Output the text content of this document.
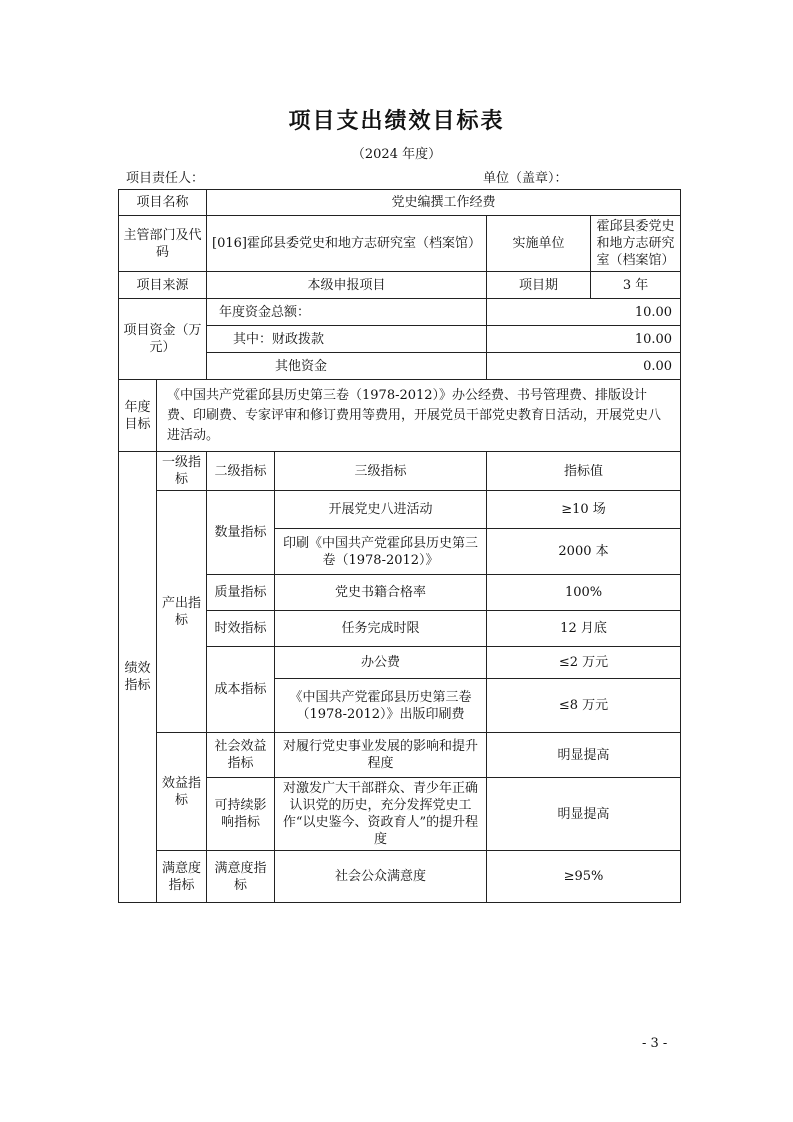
项目支出绩效目标表
（2024 年度）
项目责任人：	单位（盖章）：
项目名称		党史编撰工作经费			
主管部门及代码		[016]霍邱县委党史和地方志研究室（档案馆）		实施单位	霍邱县委党史和地方志研究室（档案馆）
项目来源		本级申报项目		项目期	3 年
项目资金（万元）		年度资金总额：		10.00	
		其中：财政拨款		10.00	
		其他资金		0.00	
年度目标	《中国共产党霍邱县历史第三卷（1978-2012）》办公经费、书号管理费、排版设计费、印刷费、专家评审和修订费用等费用，开展党员干部党史教育日活动，开展党史八进活动。				
绩效指标	一级指标	二级指标	三级指标	指标值	
	产出指标	数量指标	开展党史八进活动	≥10 场	
			印刷《中国共产党霍邱县历史第三卷（1978-2012）》	2000 本	
		质量指标	党史书籍合格率	100%	
		时效指标	任务完成时限	12 月底	
		成本指标	办公费	≤2 万元	
			《中国共产党霍邱县历史第三卷（1978-2012）》出版印刷费	≤8 万元	

	效益指标	社会效益指标	对履行党史事业发展的影响和提升程度	明显提高	
		可持续影响指标	对激发广大干部群众、青少年正确认识党的历史，充分发挥党史工作“以史鉴今、资政育人”的提升程度	明显提高	
	满意度指标	满意度指标	社会公众满意度	≥95%	
- 3 -
